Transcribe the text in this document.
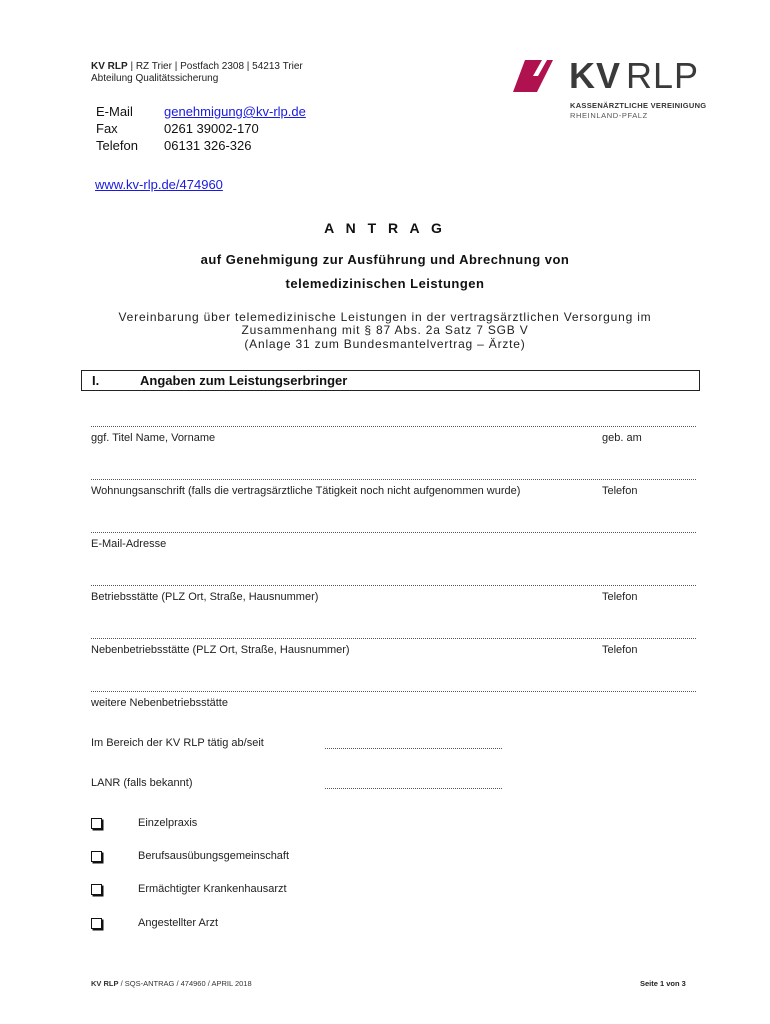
KV RLP | RZ Trier | Postfach 2308 | 54213 Trier
Abteilung Qualitätssicherung
E-Mail genehmigung@kv-rlp.de
Fax	0261 39002-170
Telefon 06131 326-326
www.kv-rlp.de/474960
KV RLP
KASSENÄRZTLICHE VEREINIGUNG
RHEINLAND-PFALZ
A N T R A G
auf Genehmigung zur Ausführung und Abrechnung von
telemedizinischen Leistungen
Vereinbarung über telemedizinische Leistungen in der vertragsärztlichen Versorgung im
Zusammenhang mit § 87 Abs. 2a Satz 7 SGB V
(Anlage 31 zum Bundesmantelvertrag – Ärzte)
I.	Angaben zum Leistungserbringer
ggf. Titel Name, Vorname	geb. am
Wohnungsanschrift (falls die vertragsärztliche Tätigkeit noch nicht aufgenommen wurde)	Telefon
E-Mail-Adresse
Betriebsstätte (PLZ Ort, Straße, Hausnummer)	Telefon
Nebenbetriebsstätte (PLZ Ort, Straße, Hausnummer)	Telefon
weitere Nebenbetriebsstätte
Im Bereich der KV RLP tätig ab/seit
LANR (falls bekannt)
Einzelpraxis
Berufsausübungsgemeinschaft
Ermächtigter Krankenhausarzt
Angestellter Arzt
KV RLP / SQS-ANTRAG / 474960 / APRIL 2018	Seite 1 von 3
